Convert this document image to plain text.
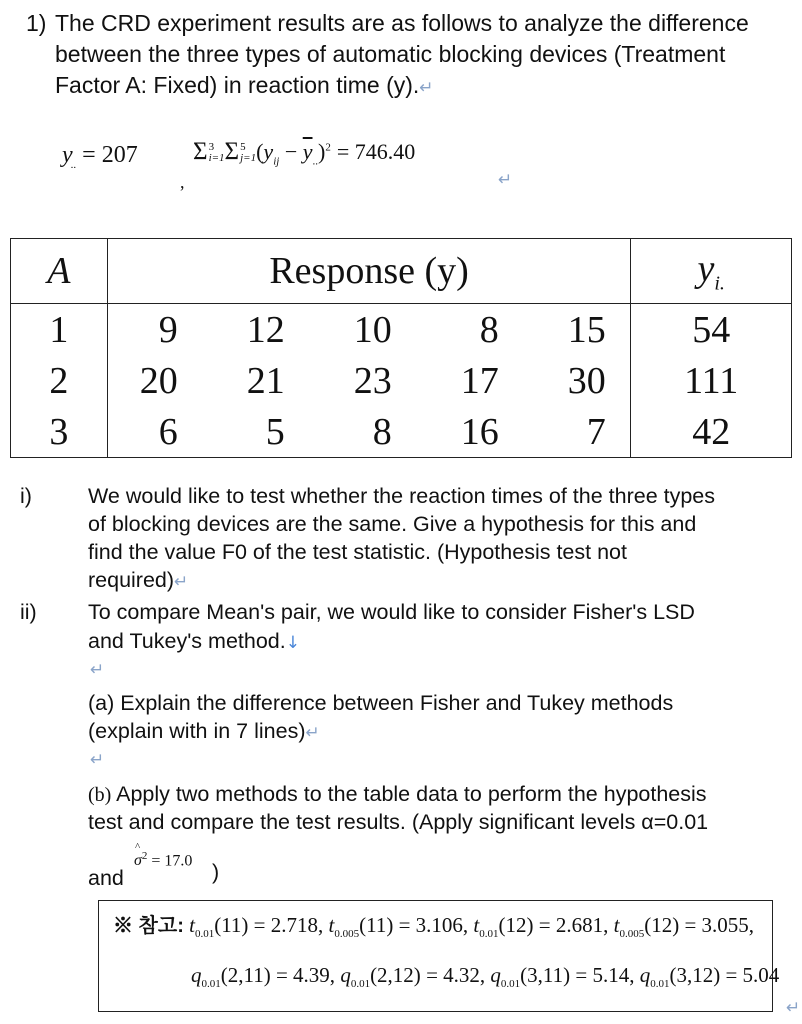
1) The CRD experiment results are as follows to analyze the difference
between the three types of automatic blocking devices (Treatment
Factor A: Fixed) in reaction time (y).↵
$y_{..} = 207$ Σ 3
i=1 Σ 5
j=1 $(y_{ij} - \overline{y}_{..})^2 = 746.40$
,	↵
A	Response (y)	$y_{i.}$
1	9 12 10 8 15	54
2	20 21 23 17 30	111
3	6 5 8 16 7	42
i)	We would like to test whether the reaction times of the three types
of blocking devices are the same. Give a hypothesis for this and
find the value F0 of the test statistic. (Hypothesis test not
required)↵
ii) To compare Mean's pair, we would like to consider Fisher's LSD
and Tukey's method.↓
↵
(a) Explain the difference between Fisher and Tukey methods
(explain with in 7 lines)↵
↵
(b) Apply two methods to the table data to perform the hypothesis
test and compare the test results. (Apply significant levels α=0.01
and
σ
^
$^2$ = 17.0 )
※ 참고: $t_{0.01}(11) = 2.718$, $t_{0.005}(11) = 3.106$, $t_{0.01}(12) = 2.681$, $t_{0.005}(12) = 3.055$,
$q_{0.01}(2,11) = 4.39$, $q_{0.01}(2,12) = 4.32$, $q_{0.01}(3,11) = 5.14$, $q_{0.01}(3,12) = 5.04$
↵
